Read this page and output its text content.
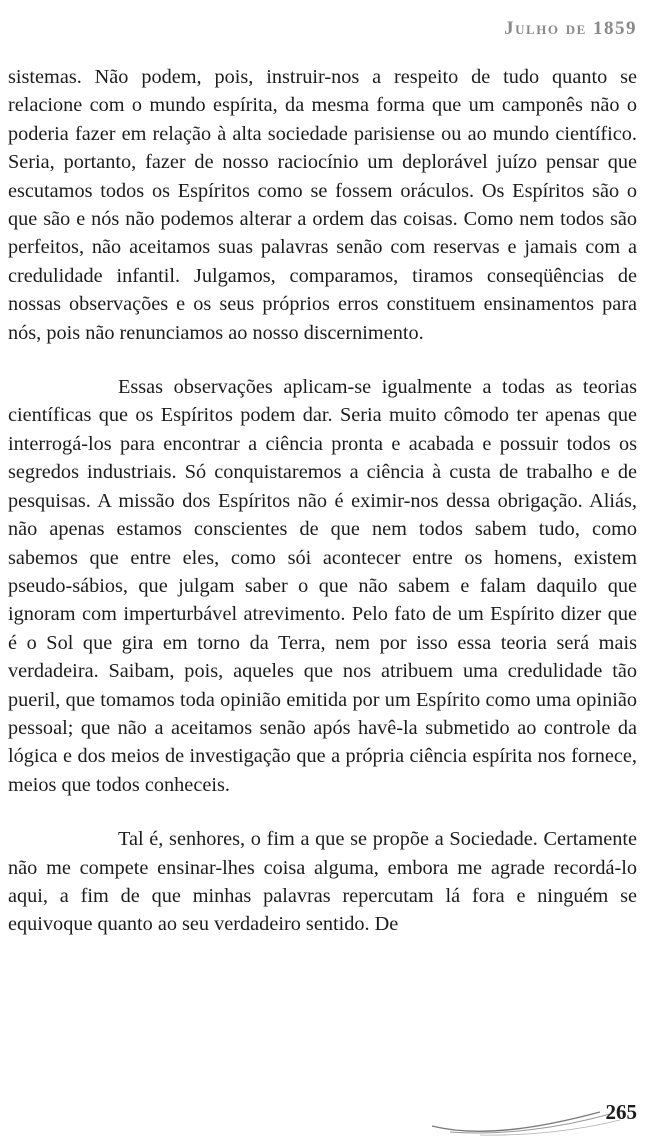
Julho de 1859

sistemas. Não podem, pois, instruir-nos a respeito de tudo quanto se relacione com o mundo espírita, da mesma forma que um camponês não o poderia fazer em relação à alta sociedade parisiense ou ao mundo científico. Seria, portanto, fazer de nosso raciocínio um deplorável juízo pensar que escutamos todos os Espíritos como se fossem oráculos. Os Espíritos são o que são e nós não podemos alterar a ordem das coisas. Como nem todos são perfeitos, não aceitamos suas palavras senão com reservas e jamais com a credulidade infantil. Julgamos, comparamos, tiramos conseqüências de nossas observações e os seus próprios erros constituem ensinamentos para nós, pois não renunciamos ao nosso discernimento.

Essas observações aplicam-se igualmente a todas as teorias científicas que os Espíritos podem dar. Seria muito cômodo ter apenas que interrogá-los para encontrar a ciência pronta e acabada e possuir todos os segredos industriais. Só conquistaremos a ciência à custa de trabalho e de pesquisas. A missão dos Espíritos não é eximir-nos dessa obrigação. Aliás, não apenas estamos conscientes de que nem todos sabem tudo, como sabemos que entre eles, como sói acontecer entre os homens, existem pseudo-sábios, que julgam saber o que não sabem e falam daquilo que ignoram com imperturbável atrevimento. Pelo fato de um Espírito dizer que é o Sol que gira em torno da Terra, nem por isso essa teoria será mais verdadeira. Saibam, pois, aqueles que nos atribuem uma credulidade tão pueril, que tomamos toda opinião emitida por um Espírito como uma opinião pessoal; que não a aceitamos senão após havê-la submetido ao controle da lógica e dos meios de investigação que a própria ciência espírita nos fornece, meios que todos conheceis.

Tal é, senhores, o fim a que se propõe a Sociedade. Certamente não me compete ensinar-lhes coisa alguma, embora me agrade recordá-lo aqui, a fim de que minhas palavras repercutam lá fora e ninguém se equivoque quanto ao seu verdadeiro sentido. De

265
